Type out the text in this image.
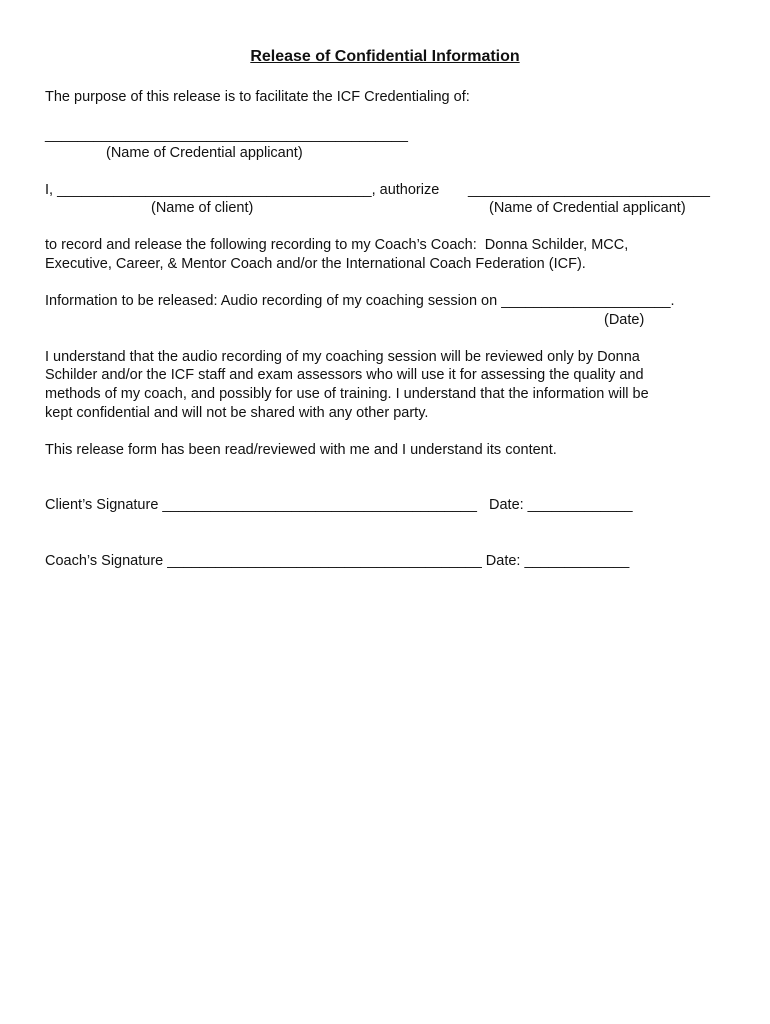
Release of Confidential Information
The purpose of this release is to facilitate the ICF Credentialing of:
_____________________________________________
(Name of Credential applicant)
I, _______________________________________, authorize ______________________________
(Name of client)	(Name of Credential applicant)
to record and release the following recording to my Coach’s Coach:  Donna Schilder, MCC,
Executive, Career, & Mentor Coach and/or the International Coach Federation (ICF).
Information to be released: Audio recording of my coaching session on _____________________.
(Date)
I understand that the audio recording of my coaching session will be reviewed only by Donna
Schilder and/or the ICF staff and exam assessors who will use it for assessing the quality and
methods of my coach, and possibly for use of training. I understand that the information will be
kept confidential and will not be shared with any other party.
This release form has been read/reviewed with me and I understand its content.
Client’s Signature _______________________________________   Date: _____________
Coach’s Signature _______________________________________ Date: _____________
